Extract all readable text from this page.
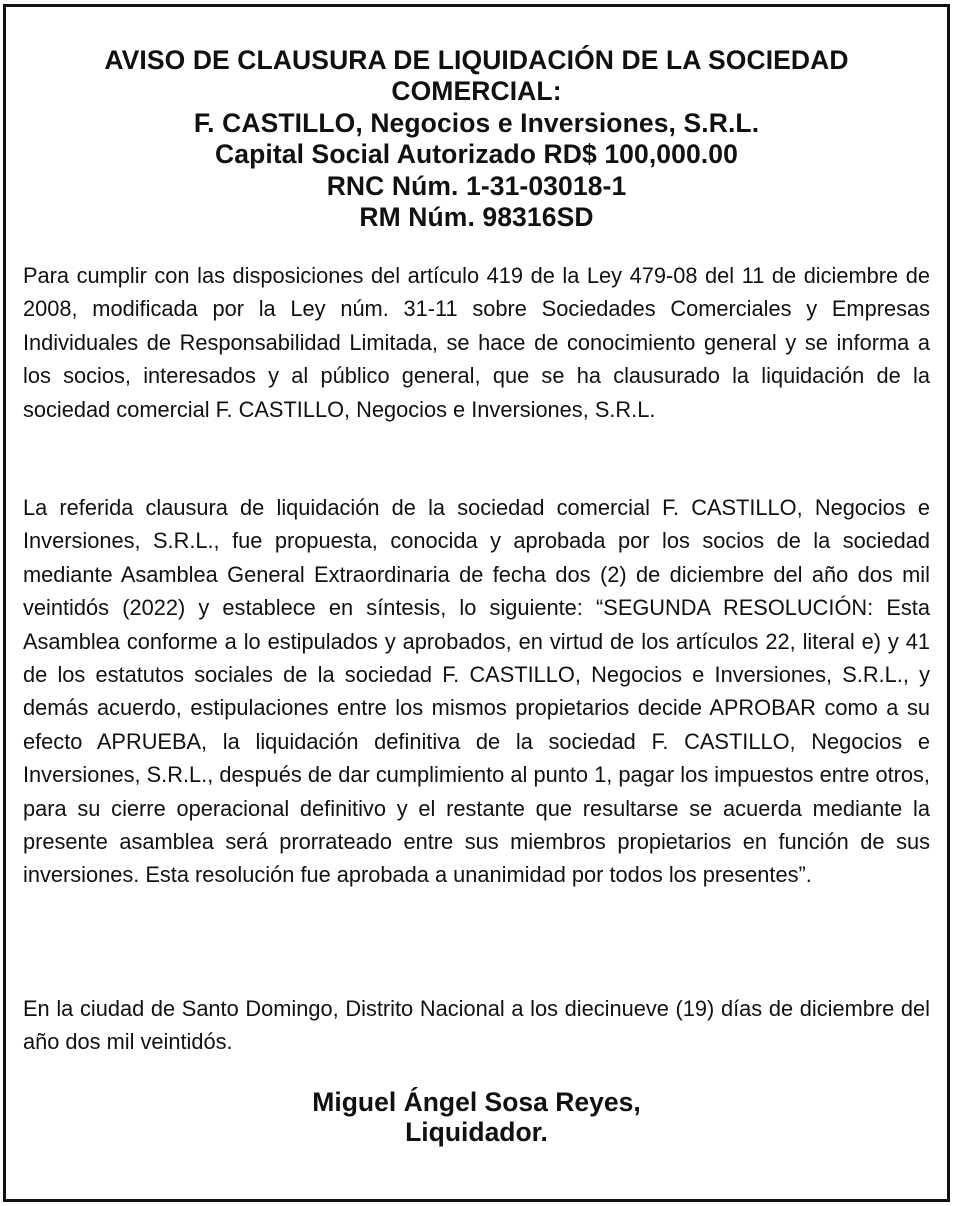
AVISO DE CLAUSURA DE LIQUIDACIÓN DE LA SOCIEDAD
COMERCIAL:
F. CASTILLO, Negocios e Inversiones, S.R.L.
Capital Social Autorizado RD$ 100,000.00
RNC Núm. 1-31-03018-1
RM Núm. 98316SD
Para cumplir con las disposiciones del artículo 419 de la Ley 479-08 del 11 de diciembre de 2008, modificada por la Ley núm. 31-11 sobre Sociedades Comerciales y Empresas Individuales de Responsabilidad Limitada, se hace de conocimiento general y se informa a los socios, interesados y al público general, que se ha clausurado la liquidación de la sociedad comercial F. CASTILLO, Negocios e Inversiones, S.R.L.
La referida clausura de liquidación de la sociedad comercial F. CASTILLO, Negocios e Inversiones, S.R.L., fue propuesta, conocida y aprobada por los socios de la sociedad mediante Asamblea General Extraordinaria de fecha dos (2) de diciembre del año dos mil veintidós (2022) y establece en síntesis, lo siguiente: “SEGUNDA RESOLUCIÓN: Esta Asamblea conforme a lo estipulados y aprobados, en virtud de los artículos 22, literal e) y 41 de los estatutos sociales de la sociedad F. CASTILLO, Negocios e Inversiones, S.R.L., y demás acuerdo, estipulaciones entre los mismos propietarios decide APROBAR como a su efecto APRUEBA, la liquidación definitiva de la sociedad F. CASTILLO, Negocios e Inversiones, S.R.L., después de dar cumplimiento al punto 1, pagar los impuestos entre otros, para su cierre operacional definitivo y el restante que resultarse se acuerda mediante la presente asamblea será prorrateado entre sus miembros propietarios en función de sus inversiones. Esta resolución fue aprobada a unanimidad por todos los presentes”.
En la ciudad de Santo Domingo, Distrito Nacional a los diecinueve (19) días de diciembre del año dos mil veintidós.
Miguel Ángel Sosa Reyes,
Liquidador.
